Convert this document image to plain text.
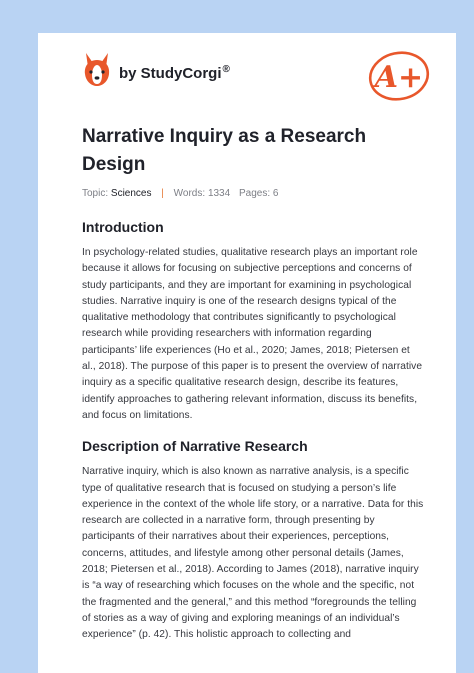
by StudyCorgi®	A+
Narrative Inquiry as a Research Design
Topic: Sciences | Words: 1334 Pages: 6
Introduction

In psychology-related studies, qualitative research plays an important role because it allows for focusing on subjective perceptions and concerns of study participants, and they are important for examining in psychological studies. Narrative inquiry is one of the research designs typical of the qualitative methodology that contributes significantly to psychological research while providing researchers with information regarding participants’ life experiences (Ho et al., 2020; James, 2018; Pietersen et al., 2018). The purpose of this paper is to present the overview of narrative inquiry as a specific qualitative research design, describe its features, identify approaches to gathering relevant information, discuss its benefits, and focus on limitations.

Description of Narrative Research

Narrative inquiry, which is also known as narrative analysis, is a specific type of qualitative research that is focused on studying a person’s life experience in the context of the whole life story, or a narrative. Data for this research are collected in a narrative form, through presenting by participants of their narratives about their experiences, perceptions, concerns, attitudes, and lifestyle among other personal details (James, 2018; Pietersen et al., 2018). According to James (2018), narrative inquiry is “a way of researching which focuses on the whole and the specific, not the fragmented and the general,” and this method “foregrounds the telling of stories as a way of giving and exploring meanings of an individual’s experience” (p. 42). This holistic approach to collecting and
